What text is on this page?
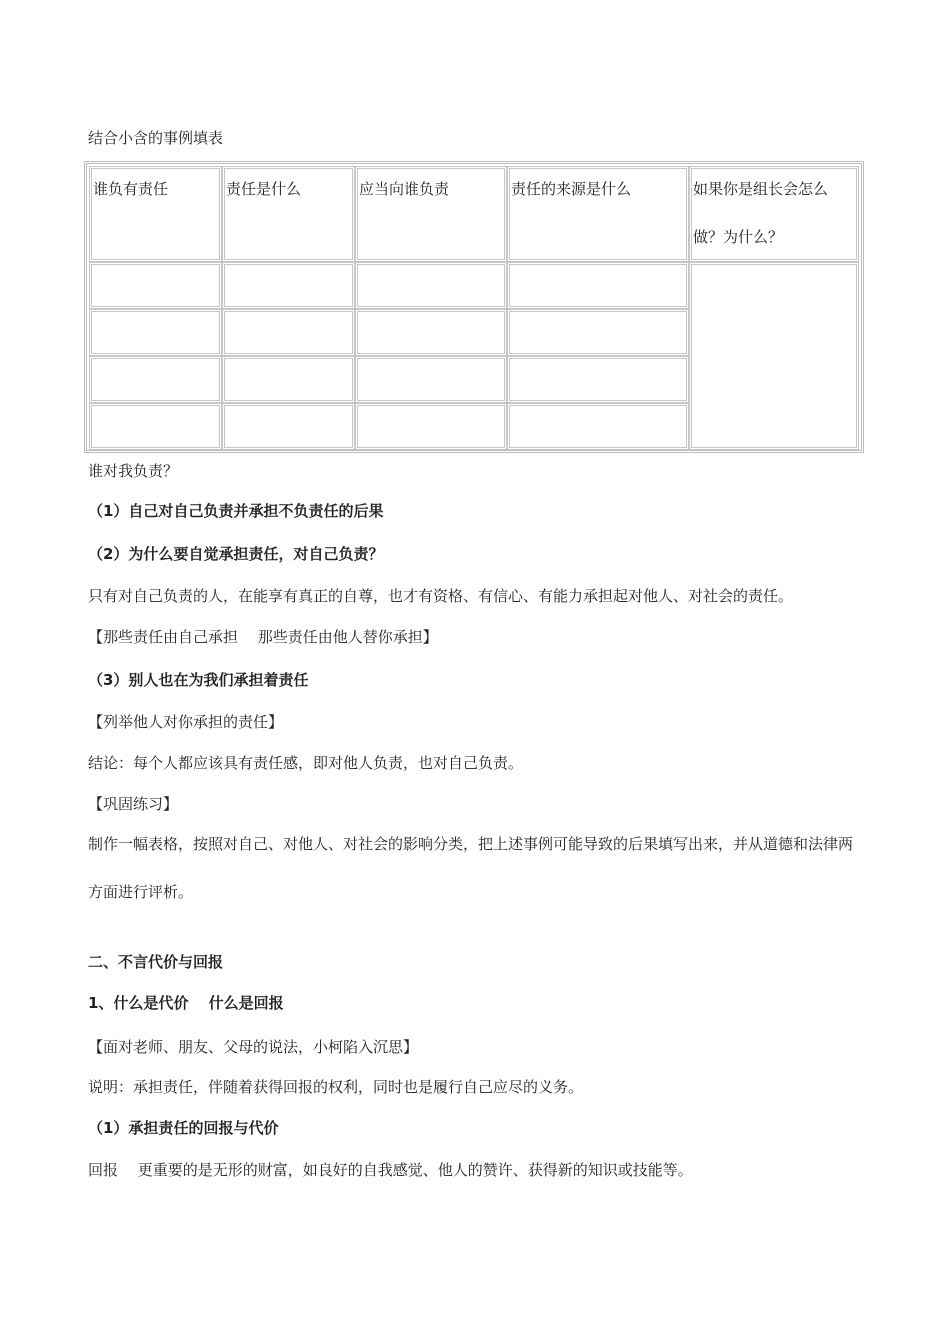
结合小含的事例填表
谁负有责任	责任是什么	应当向谁负责	责任的来源是什么	如果你是组长会怎么做？为什么？
谁对我负责？
（1）自己对自己负责并承担不负责任的后果
（2）为什么要自觉承担责任，对自己负责？
只有对自己负责的人，在能享有真正的自尊，也才有资格、有信心、有能力承担起对他人、对社会的责任。
【那些责任由自己承担　 那些责任由他人替你承担】
（3）别人也在为我们承担着责任
【列举他人对你承担的责任】
结论：每个人都应该具有责任感，即对他人负责，也对自己负责。
【巩固练习】
制作一幅表格，按照对自己、对他人、对社会的影响分类，把上述事例可能导致的后果填写出来，并从道德和法律两方面进行评析。
二、不言代价与回报
1、什么是代价　 什么是回报
【面对老师、朋友、父母的说法，小柯陷入沉思】
说明：承担责任，伴随着获得回报的权利，同时也是履行自己应尽的义务。
（1）承担责任的回报与代价
回报　 更重要的是无形的财富，如良好的自我感觉、他人的赞许、获得新的知识或技能等。
